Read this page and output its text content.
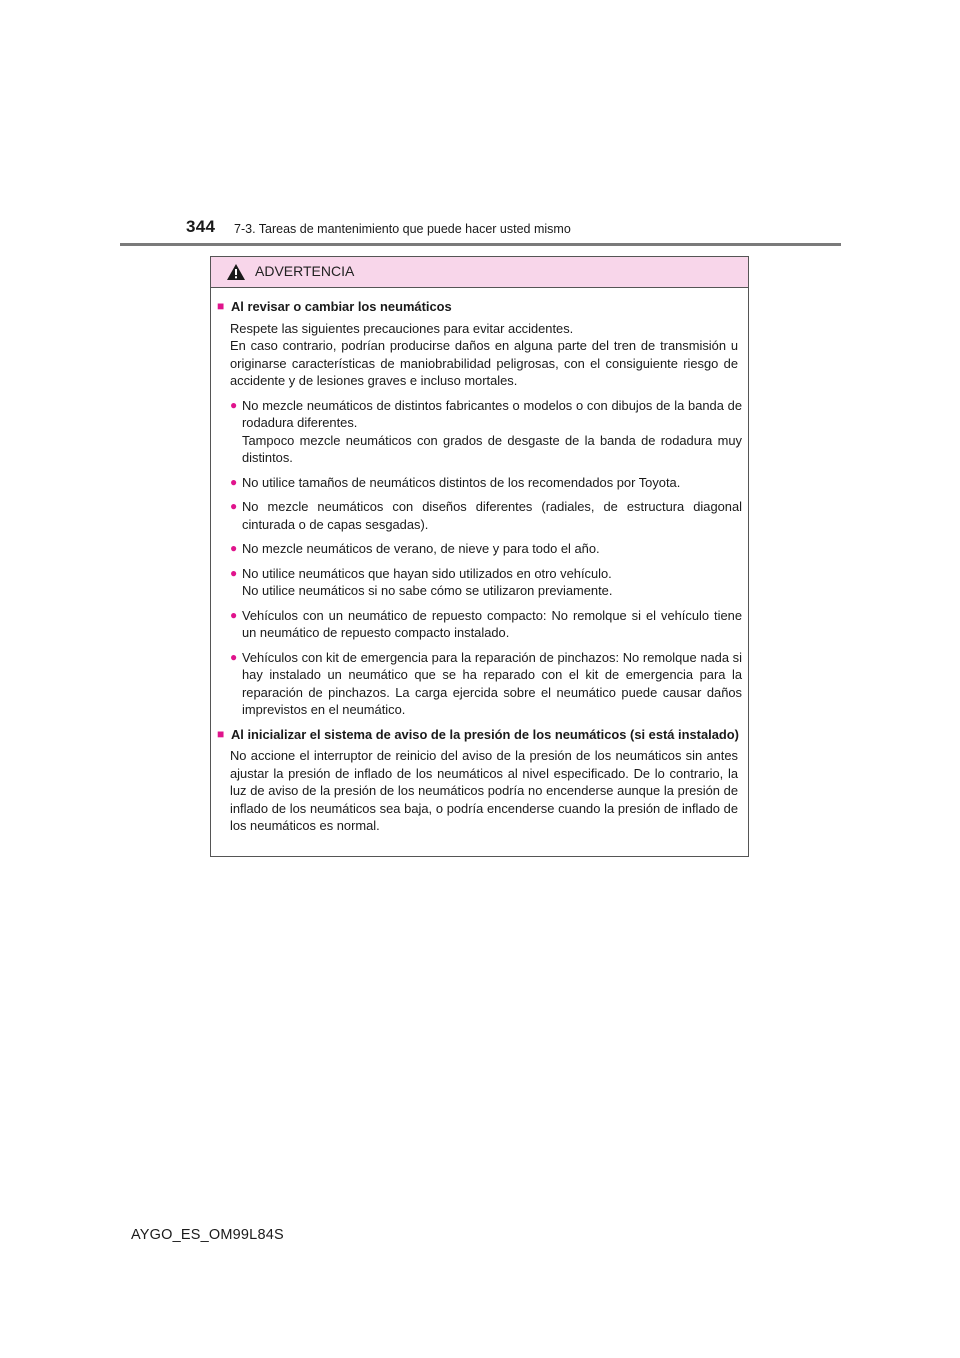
344 7-3. Tareas de mantenimiento que puede hacer usted mismo
ADVERTENCIA
■ Al revisar o cambiar los neumáticos
Respete las siguientes precauciones para evitar accidentes.
En caso contrario, podrían producirse daños en alguna parte del tren de transmisión u originarse características de maniobrabilidad peligrosas, con el consiguiente riesgo de accidente y de lesiones graves e incluso mortales.
● No mezcle neumáticos de distintos fabricantes o modelos o con dibujos de la banda de rodadura diferentes.
Tampoco mezcle neumáticos con grados de desgaste de la banda de rodadura muy distintos.
● No utilice tamaños de neumáticos distintos de los recomendados por Toyota.
● No mezcle neumáticos con diseños diferentes (radiales, de estructura diagonal cinturada o de capas sesgadas).
● No mezcle neumáticos de verano, de nieve y para todo el año.
● No utilice neumáticos que hayan sido utilizados en otro vehículo.
No utilice neumáticos si no sabe cómo se utilizaron previamente.
● Vehículos con un neumático de repuesto compacto: No remolque si el vehículo tiene un neumático de repuesto compacto instalado.
● Vehículos con kit de emergencia para la reparación de pinchazos: No remolque nada si hay instalado un neumático que se ha reparado con el kit de emergencia para la reparación de pinchazos. La carga ejercida sobre el neumático puede causar daños imprevistos en el neumático.
■ Al inicializar el sistema de aviso de la presión de los neumáticos (si está instalado)
No accione el interruptor de reinicio del aviso de la presión de los neumáticos sin antes ajustar la presión de inflado de los neumáticos al nivel especificado. De lo contrario, la luz de aviso de la presión de los neumáticos podría no encenderse aunque la presión de inflado de los neumáticos sea baja, o podría encenderse cuando la presión de inflado de los neumáticos es normal.
AYGO_ES_OM99L84S
